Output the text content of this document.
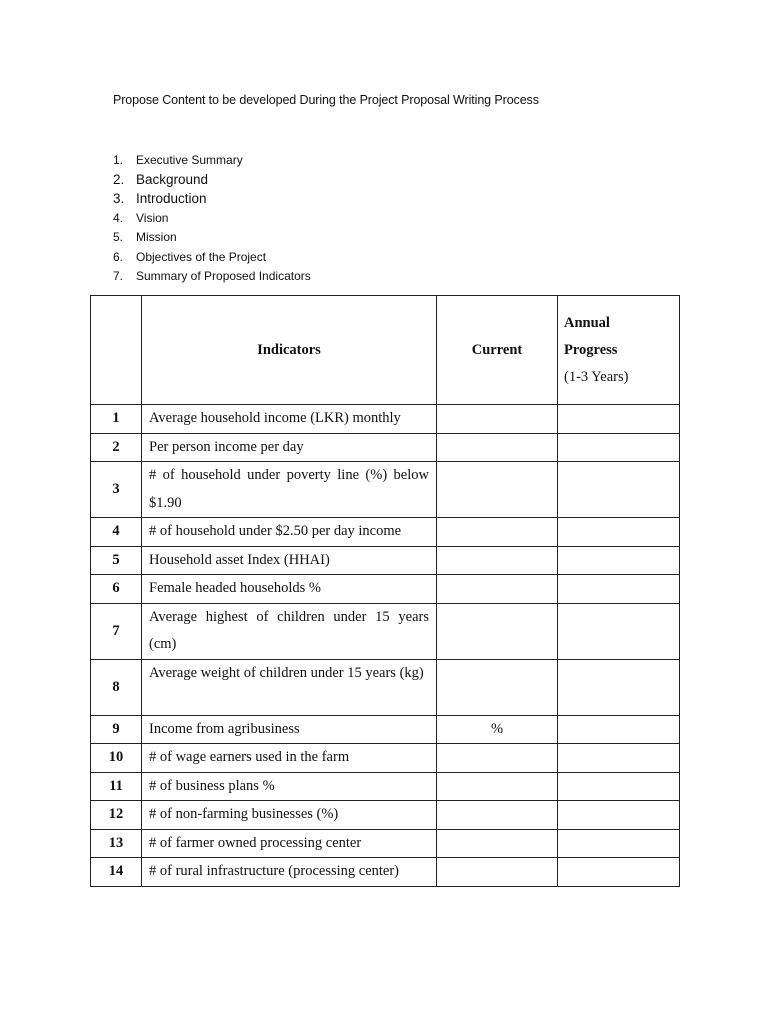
Propose Content to be developed During the Project Proposal Writing Process
1.	Executive Summary
2. Background
3. Introduction
4.	Vision
5.	Mission
6.	Objectives of the Project
7.	Summary of Proposed Indicators
	Indicators	Current	Annual
Progress
(1-3 Years)

1	Average household income (LKR) monthly		
2	Per person income per day		
3	# of household under poverty line (%) below $1.90		
4	# of household under $2.50 per day income		
5	Household asset Index (HHAI)		
6	Female headed households %		
7	Average highest of children under 15 years (cm)		
8	Average weight of children under 15 years (kg)		
9	Income from agribusiness	%	
10	# of wage earners used in the farm		
11	# of business plans %		
12	# of non-farming businesses (%)		
13	# of farmer owned processing center		
14	# of rural infrastructure (processing center)		
